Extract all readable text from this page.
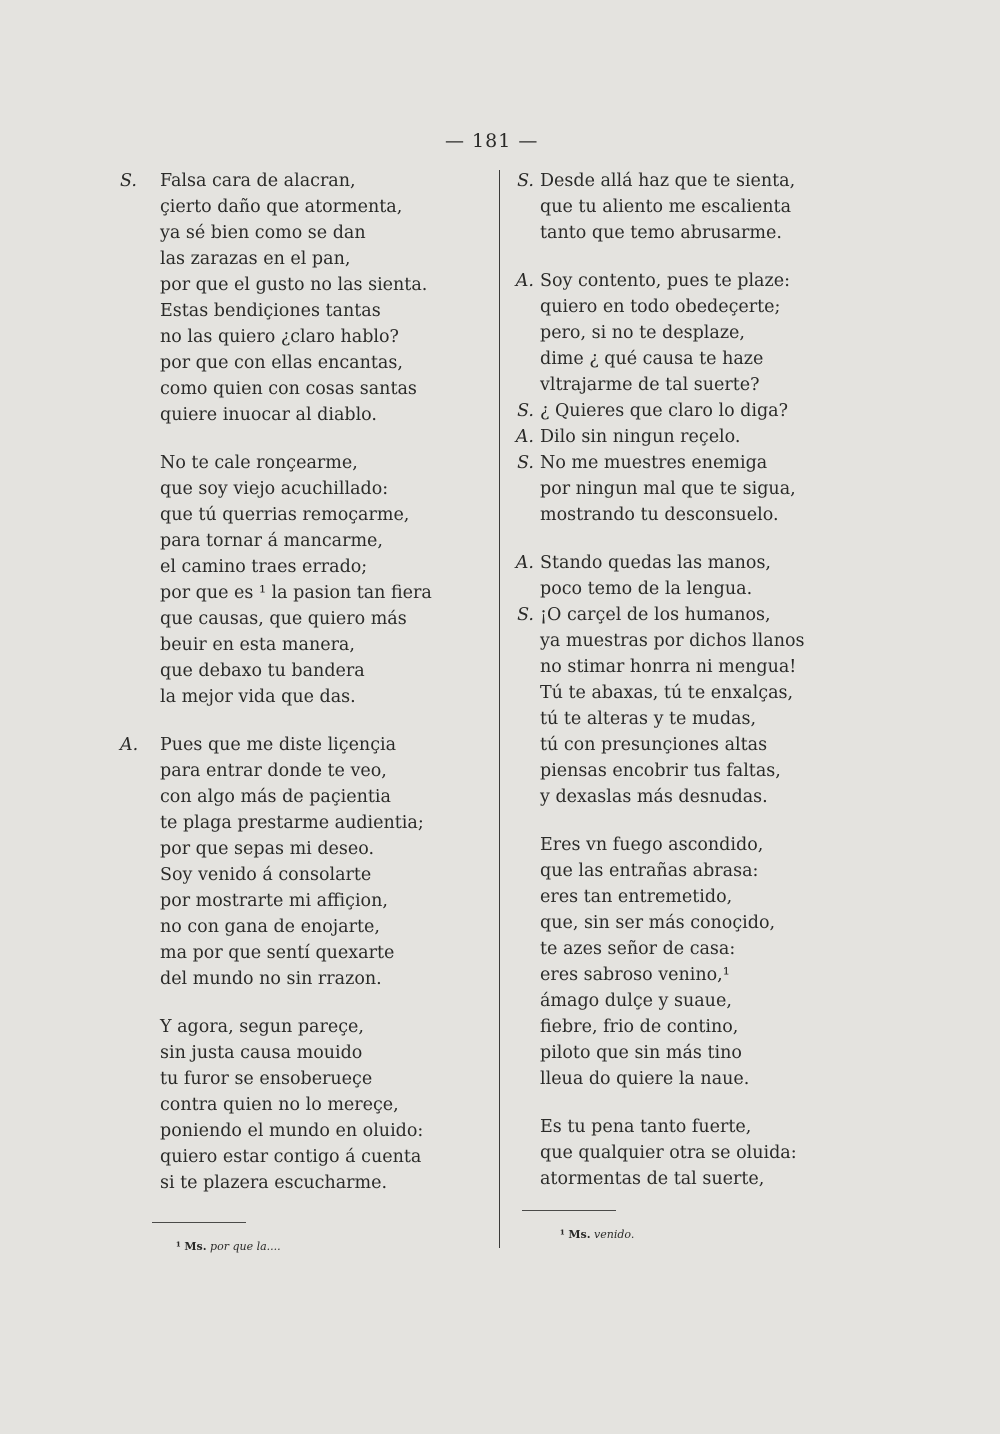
— 181 —
S.	Falsa cara de alacran,
çierto daño que atormenta,
ya sé bien como se dan
las zarazas en el pan,
por que el gusto no las sienta.
Estas bendiçiones tantas
no las quiero ¿claro hablo?
por que con ellas encantas,
como quien con cosas santas
quiere inuocar al diablo.
No te cale ronçearme,
que soy viejo acuchillado:
que tú querrias remoçarme,
para tornar á mancarme,
el camino traes errado;
por que es ¹ la pasion tan fiera
que causas, que quiero más
beuir en esta manera,
que debaxo tu bandera
la mejor vida que das.
A.	Pues que me diste liçençia
para entrar donde te veo,
con algo más de paçientia
te plaga prestarme audientia;
por que sepas mi deseo.
Soy venido á consolarte
por mostrarte mi affiçion,
no con gana de enojarte,
ma por que sentí quexarte
del mundo no sin rrazon.
Y agora, segun pareçe,
sin justa causa mouido
tu furor se ensoberueçe
contra quien no lo mereçe,
poniendo el mundo en oluido:
quiero estar contigo á cuenta
si te plazera escucharme.
S. Desde allá haz que te sienta,
que tu aliento me escalienta
tanto que temo abrusarme.
A. Soy contento, pues te plaze:
quiero en todo obedeçerte;
pero, si no te desplaze,
dime ¿ qué causa te haze
vltrajarme de tal suerte?
S. ¿ Quieres que claro lo diga?
A. Dilo sin ningun reçelo.
S. No me muestres enemiga
por ningun mal que te sigua,
mostrando tu desconsuelo.
A. Stando quedas las manos,
poco temo de la lengua.
S. ¡O carçel de los humanos,
ya muestras por dichos llanos
no stimar honrra ni mengua!
Tú te abaxas, tú te enxalças,
tú te alteras y te mudas,
tú con presunçiones altas
piensas encobrir tus faltas,
y dexaslas más desnudas.
Eres vn fuego ascondido,
que las entrañas abrasa:
eres tan entremetido,
que, sin ser más conoçido,
te azes señor de casa:
eres sabroso venino,¹
ámago dulçe y suaue,
fiebre, frio de contino,
piloto que sin más tino
lleua do quiere la naue.
Es tu pena tanto fuerte,
que qualquier otra se oluida:
atormentas de tal suerte,
¹ Ms. por que la....
¹ Ms. venido.
